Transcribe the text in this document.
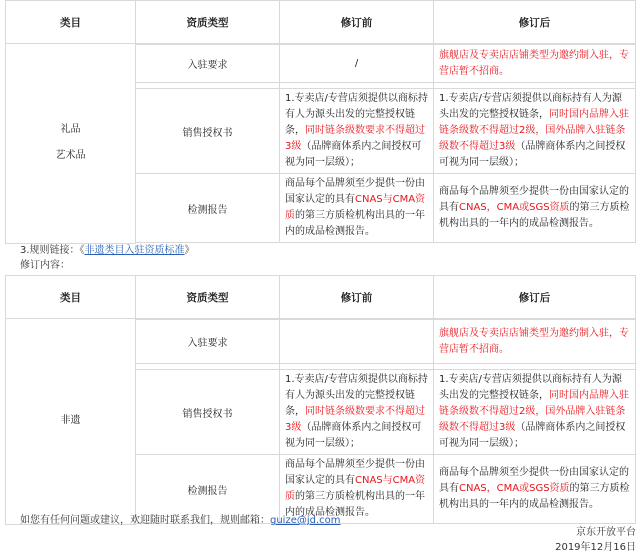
类目	资质类型	修订前	修订后

礼品
艺术品			

	入驻要求	/	旗舰店及专卖店店铺类型为邀约制入驻，专营店暂不招商。

	销售授权书	1.专卖店/专营店须提供以商标持有人为源头出发的完整授权链条，同时链条级数要求不得超过3级（品牌商体系内之间授权可视为同一层级）；	1.专卖店/专营店须提供以商标持有人为源头出发的完整授权链条，同时国内品牌入驻链条级数不得超过2级，国外品牌入驻链条级数不得超过3级（品牌商体系内之间授权可视为同一层级）；
	检测报告	商品每个品牌须至少提供一份由国家认定的具有CNAS与CMA资质的第三方质检机构出具的一年内的成品检测报告。	商品每个品牌须至少提供一份由国家认定的具有CNAS，CMA或SGS资质的第三方质检机构出具的一年内的成品检测报告。

3.规则链接：《非遗类目入驻资质标准》
修订内容：
类目	资质类型	修订前	修订后
非遗			
	入驻要求		旗舰店及专卖店店铺类型为邀约制入驻，专营店暂不招商。

	销售授权书	1.专卖店/专营店须提供以商标持有人为源头出发的完整授权链条，同时链条级数要求不得超过3级（品牌商体系内之间授权可视为同一层级）；	1.专卖店/专营店须提供以商标持有人为源头出发的完整授权链条，同时国内品牌入驻链条级数不得超过2级，国外品牌入驻链条级数不得超过3级（品牌商体系内之间授权可视为同一层级）；
	检测报告	商品每个品牌须至少提供一份由国家认定的具有CNAS与CMA资质的第三方质检机构出具的一年内的成品检测报告。	商品每个品牌须至少提供一份由国家认定的具有CNAS，CMA或SGS资质的第三方质检机构出具的一年内的成品检测报告。

如您有任何问题或建议，欢迎随时联系我们，规则邮箱：guize@jd.com
京东开放平台
2019年12月16日
